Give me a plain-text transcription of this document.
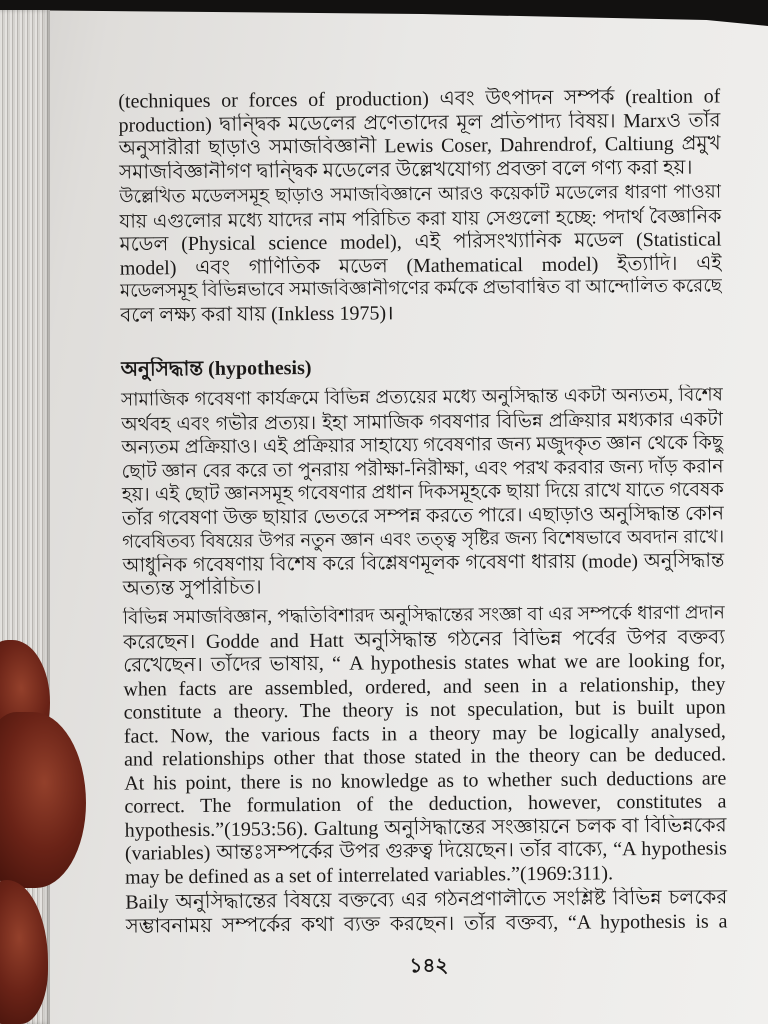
(techniques or forces of production) এবং উৎপাদন সম্পর্ক (realtion of
production) দ্বান্দ্বিক মডেলের প্রণেতাদের মূল প্রতিপাদ্য বিষয়। Marxও তাঁর
অনুসারীরা ছাড়াও সমাজবিজ্ঞানী Lewis Coser, Dahrendrof, Caltiung প্রমুখ
সমাজবিজ্ঞানীগণ দ্বান্দ্বিক মডেলের উল্লেখযোগ্য প্রবক্তা বলে গণ্য করা হয়।
উল্লেখিত মডেলসমূহ ছাড়াও সমাজবিজ্ঞানে আরও কয়েকটি মডেলের ধারণা পাওয়া
যায় এগুলোর মধ্যে যাদের নাম পরিচিত করা যায় সেগুলো হচ্ছে: পদার্থ বৈজ্ঞানিক
মডেল (Physical science model), এই পরিসংখ্যানিক মডেল (Statistical
model) এবং গাণিতিক মডেল (Mathematical model) ইত্যাদি। এই
মডেলসমূহ বিভিন্নভাবে সমাজবিজ্ঞানীগণের কর্মকে প্রভাবান্বিত বা আন্দোলিত করেছে
বলে লক্ষ্য করা যায় (Inkless 1975)।
অনুসিদ্ধান্ত (hypothesis)
সামাজিক গবেষণা কার্যক্রমে বিভিন্ন প্রত্যয়ের মধ্যে অনুসিদ্ধান্ত একটা অন্যতম, বিশেষ
অর্থবহ এবং গভীর প্রত্যয়। ইহা সামাজিক গবষণার বিভিন্ন প্রক্রিয়ার মধ্যকার একটা
অন্যতম প্রক্রিয়াও। এই প্রক্রিয়ার সাহায্যে গবেষণার জন্য মজুদকৃত জ্ঞান থেকে কিছু
ছোট জ্ঞান বের করে তা পুনরায় পরীক্ষা-নিরীক্ষা, এবং পরখ করবার জন্য দাঁড় করান
হয়। এই ছোট জ্ঞানসমূহ গবেষণার প্রধান দিকসমূহকে ছায়া দিয়ে রাখে যাতে গবেষক
তাঁর গবেষণা উক্ত ছায়ার ভেতরে সম্পন্ন করতে পারে। এছাড়াও অনুসিদ্ধান্ত কোন
গবেষিতব্য বিষয়ের উপর নতুন জ্ঞান এবং তত্ত্ব সৃষ্টির জন্য বিশেষভাবে অবদান রাখে।
আধুনিক গবেষণায় বিশেষ করে বিশ্লেষণমূলক গবেষণা ধারায় (mode) অনুসিদ্ধান্ত
অত্যন্ত সুপরিচিত।
বিভিন্ন সমাজবিজ্ঞান, পদ্ধতিবিশারদ অনুসিদ্ধান্তের সংজ্ঞা বা এর সম্পর্কে ধারণা প্রদান
করেছেন। Godde and Hatt অনুসিদ্ধান্ত গঠনের বিভিন্ন পর্বের উপর বক্তব্য
রেখেছেন। তাঁদের ভাষায়, “ A hypothesis states what we are looking for,
when facts are assembled, ordered, and seen in a relationship, they
constitute a theory. The theory is not speculation, but is built upon
fact. Now, the various facts in a theory may be logically analysed,
and relationships other that those stated in the theory can be deduced.
At his point, there is no knowledge as to whether such deductions are
correct. The formulation of the deduction, however, constitutes a
hypothesis.”(1953:56). Galtung অনুসিদ্ধান্তের সংজ্ঞায়নে চলক বা বিভিন্নকের
(variables) আন্তঃসম্পর্কের উপর গুরুত্ব দিয়েছেন। তাঁর বাক্যে, “A hypothesis
may be defined as a set of interrelated variables.”(1969:311).
Baily অনুসিদ্ধান্তের বিষয়ে বক্তব্যে এর গঠনপ্রণালীতে সংশ্লিষ্ট বিভিন্ন চলকের
সম্ভাবনাময় সম্পর্কের কথা ব্যক্ত করছেন। তাঁর বক্তব্য, “A hypothesis is a
১৪২
